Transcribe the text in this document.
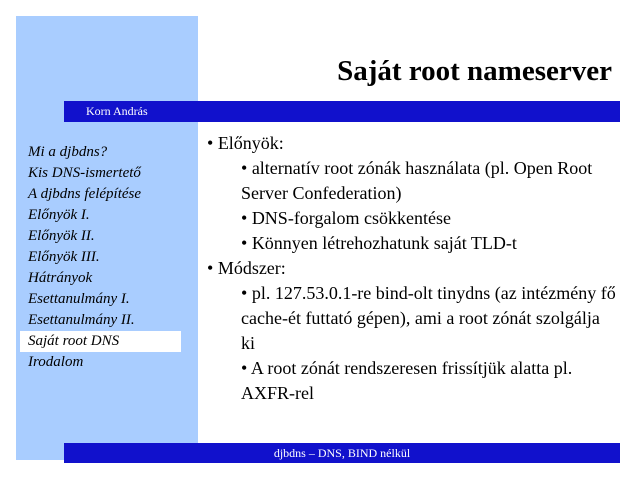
Saját root nameserver
Korn András
Mi a djbdns?
Kis DNS-ismertető
A djbdns felépítése
Előnyök I.
Előnyök II.
Előnyök III.
Hátrányok
Esettanulmány I.
Esettanulmány II.
Saját root DNS
Irodalom
• Előnyök:
• alternatív root zónák használata (pl. Open Root Server Confederation)
• DNS-forgalom csökkentése
• Könnyen létrehozhatunk saját TLD-t
• Módszer:
• pl. 127.53.0.1-re bind-olt tinydns (az intézmény fő cache-ét futtató gépen), ami a root zónát szolgálja ki
• A root zónát rendszeresen frissítjük alatta pl. AXFR-rel
djbdns – DNS, BIND nélkül
